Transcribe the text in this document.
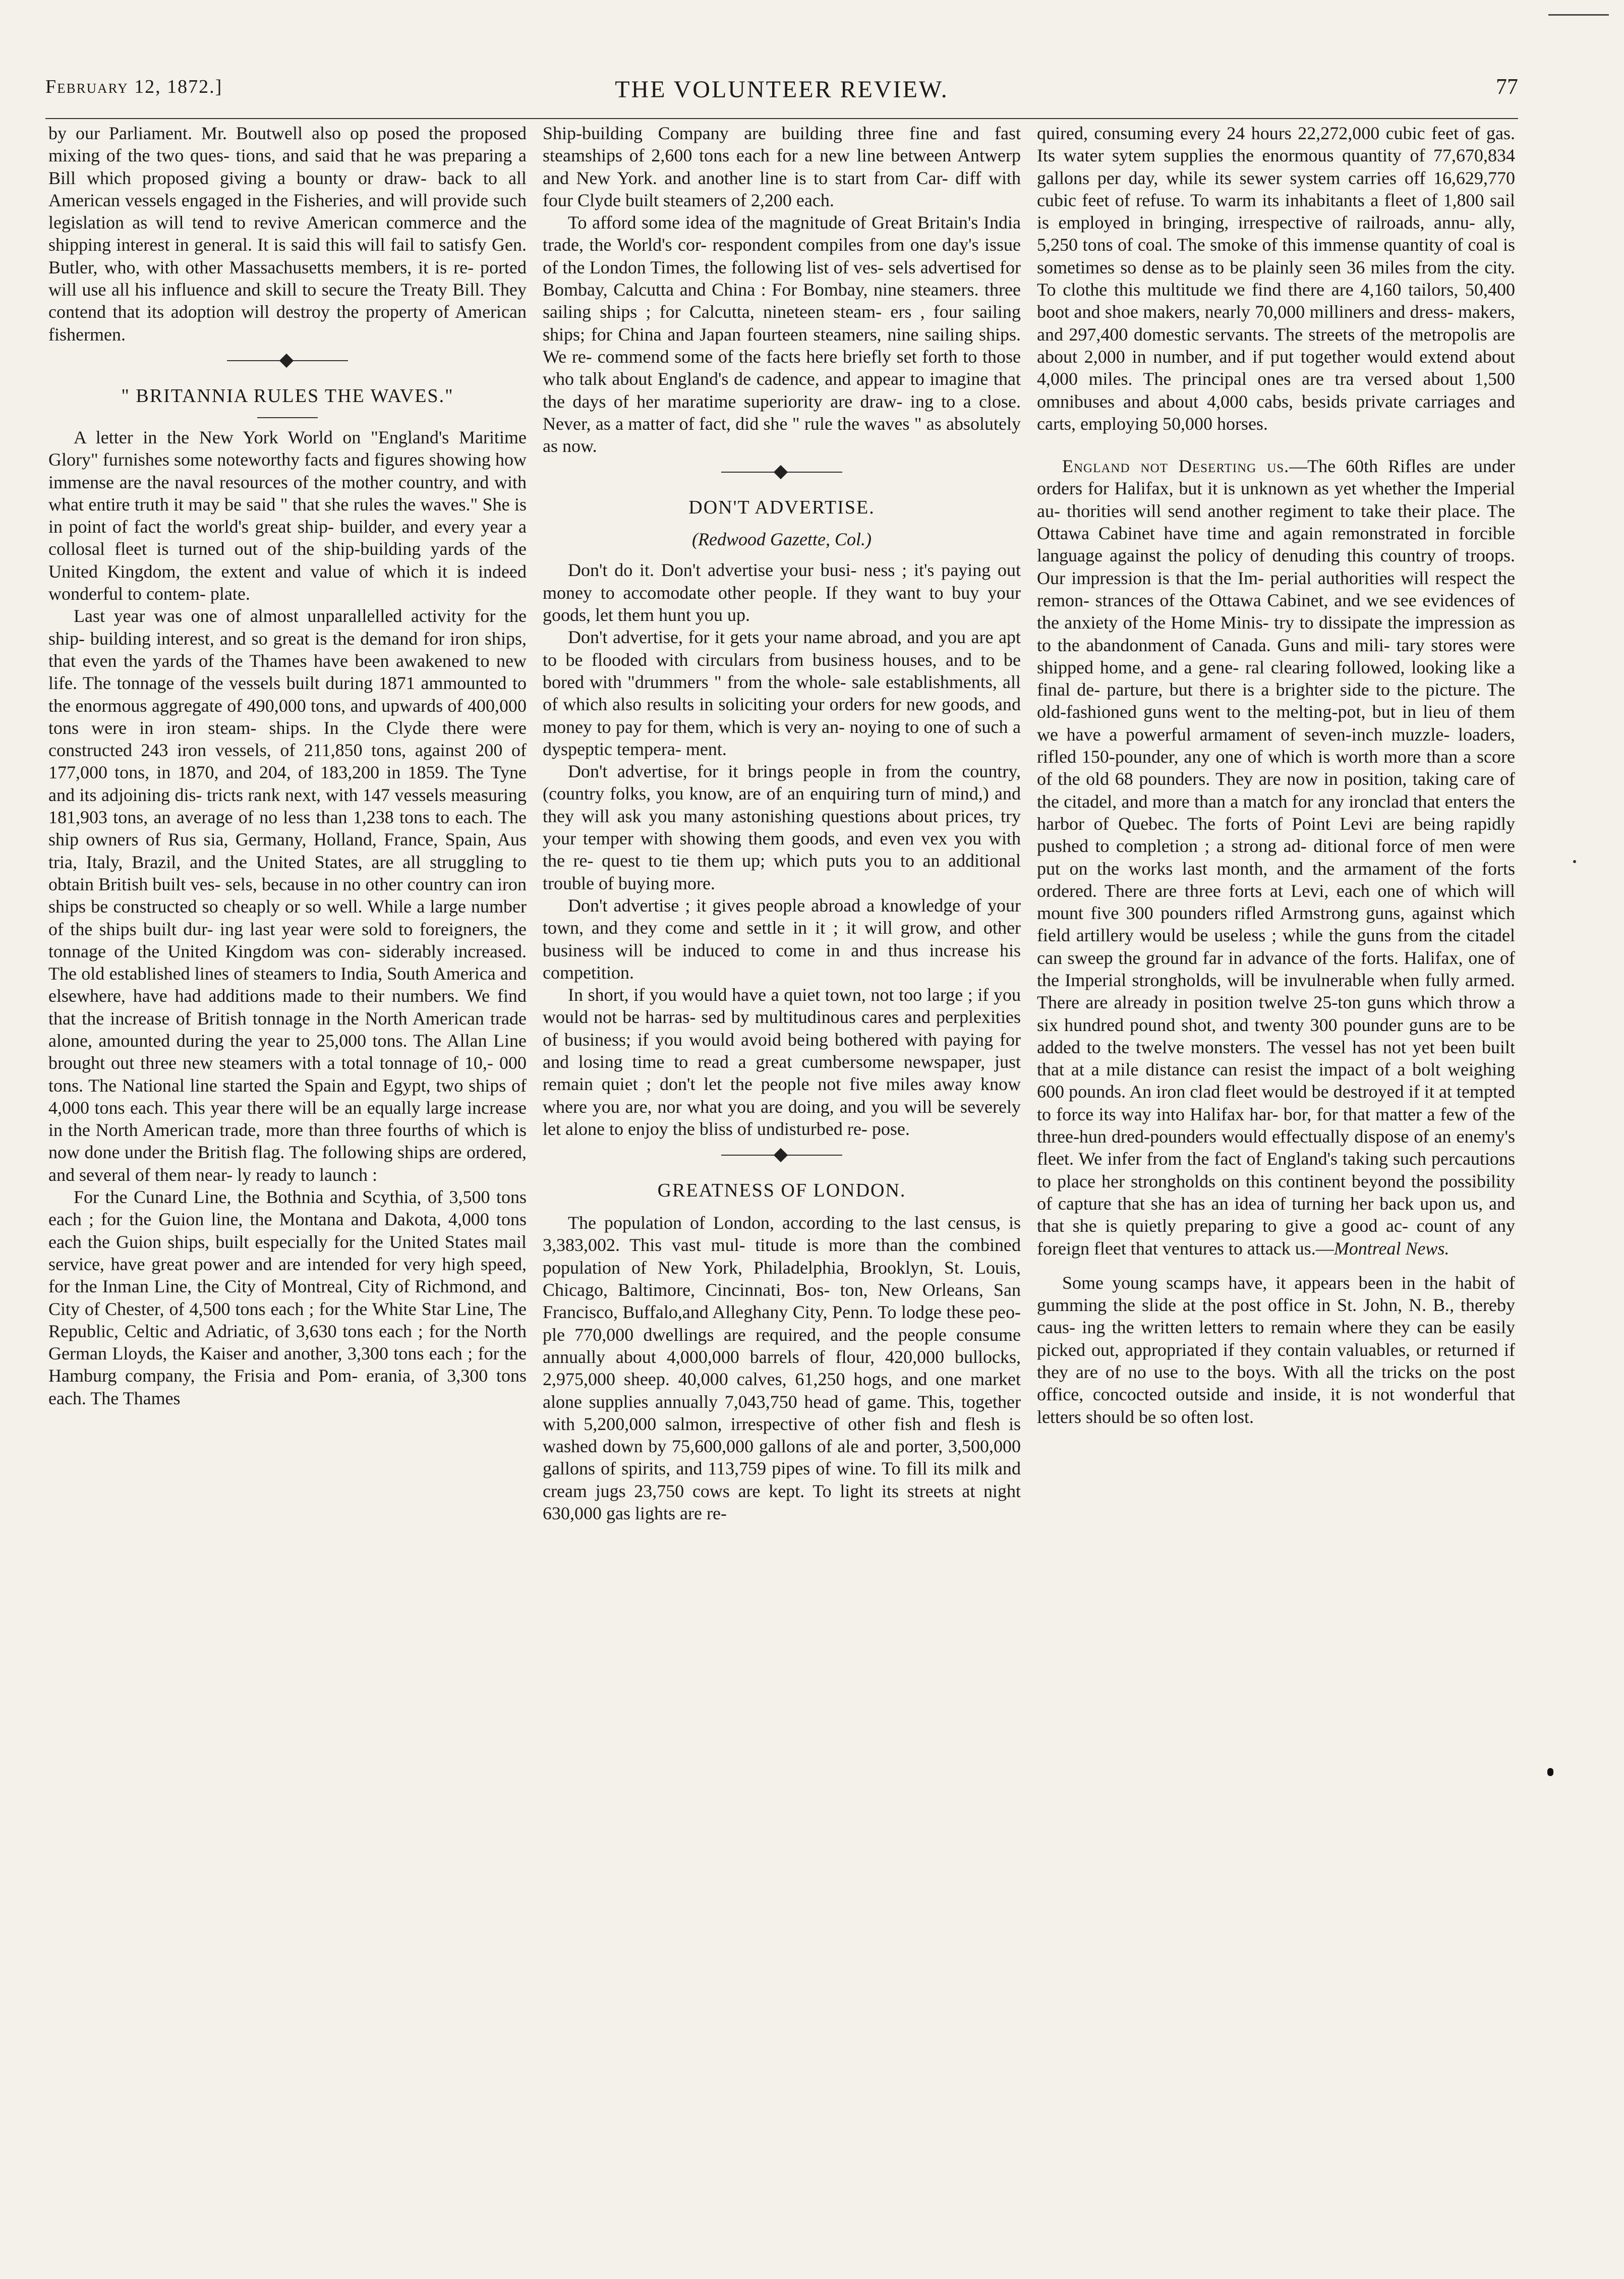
February 12, 1872.]	THE VOLUNTEER REVIEW.	77

by our Parliament. Mr. Boutwell also op posed the proposed mixing of the two ques- tions, and said that he was preparing a Bill which proposed giving a bounty or draw- back to all American vessels engaged in the Fisheries, and will provide such legislation as will tend to revive American commerce and the shipping interest in general. It is said this will fail to satisfy Gen. Butler, who, with other Massachusetts members, it is re- ported will use all his influence and skill to secure the Treaty Bill. They contend that its adoption will destroy the property of American fishermen.

" BRITANNIA RULES THE WAVES."

A letter in the New York World on "England's Maritime Glory" furnishes some noteworthy facts and figures showing how immense are the naval resources of the mother country, and with what entire truth it may be said " that she rules the waves." She is in point of fact the world's great ship- builder, and every year a collosal fleet is turned out of the ship-building yards of the United Kingdom, the extent and value of which it is indeed wonderful to contem- plate.

Last year was one of almost unparallelled activity for the ship- building interest, and so great is the demand for iron ships, that even the yards of the Thames have been awakened to new life. The tonnage of the vessels built during 1871 ammounted to the enormous aggregate of 490,000 tons, and upwards of 400,000 tons were in iron steam- ships. In the Clyde there were constructed 243 iron vessels, of 211,850 tons, against 200 of 177,000 tons, in 1870, and 204, of 183,200 in 1859. The Tyne and its adjoining dis- tricts rank next, with 147 vessels measuring 181,903 tons, an average of no less than 1,238 tons to each. The ship owners of Rus sia, Germany, Holland, France, Spain, Aus tria, Italy, Brazil, and the United States, are all struggling to obtain British built ves- sels, because in no other country can iron ships be constructed so cheaply or so well. While a large number of the ships built dur- ing last year were sold to foreigners, the tonnage of the United Kingdom was con- siderably increased. The old established lines of steamers to India, South America and elsewhere, have had additions made to their numbers. We find that the increase of British tonnage in the North American trade alone, amounted during the year to 25,000 tons. The Allan Line brought out three new steamers with a total tonnage of 10,- 000 tons. The National line started the Spain and Egypt, two ships of 4,000 tons each. This year there will be an equally large increase in the North American trade, more than three fourths of which is now done under the British flag. The following ships are ordered, and several of them near- ly ready to launch :

For the Cunard Line, the Bothnia and Scythia, of 3,500 tons each ; for the Guion line, the Montana and Dakota, 4,000 tons each the Guion ships, built especially for the United States mail service, have great power and are intended for very high speed, for the Inman Line, the City of Montreal, City of Richmond, and City of Chester, of 4,500 tons each ; for the White Star Line, The Republic, Celtic and Adriatic, of 3,630 tons each ; for the North German Lloyds, the Kaiser and another, 3,300 tons each ; for the Hamburg company, the Frisia and Pom- erania, of 3,300 tons each. The Thames

Ship-building Company are building three fine and fast steamships of 2,600 tons each for a new line between Antwerp and New York. and another line is to start from Car- diff with four Clyde built steamers of 2,200 each.

To afford some idea of the magnitude of Great Britain's India trade, the World's cor- respondent compiles from one day's issue of the London Times, the following list of ves- sels advertised for Bombay, Calcutta and China : For Bombay, nine steamers. three sailing ships ; for Calcutta, nineteen steam- ers , four sailing ships; for China and Japan fourteen steamers, nine sailing ships. We re- commend some of the facts here briefly set forth to those who talk about England's de cadence, and appear to imagine that the days of her maratime superiority are draw- ing to a close. Never, as a matter of fact, did she " rule the waves " as absolutely as now.

DON'T ADVERTISE.
(Redwood Gazette, Col.)

Don't do it. Don't advertise your busi- ness ; it's paying out money to accomodate other people. If they want to buy your goods, let them hunt you up.

Don't advertise, for it gets your name abroad, and you are apt to be flooded with circulars from business houses, and to be bored with "drummers " from the whole- sale establishments, all of which also results in soliciting your orders for new goods, and money to pay for them, which is very an- noying to one of such a dyspeptic tempera- ment.

Don't advertise, for it brings people in from the country, (country folks, you know, are of an enquiring turn of mind,) and they will ask you many astonishing questions about prices, try your temper with showing them goods, and even vex you with the re- quest to tie them up; which puts you to an additional trouble of buying more.

Don't advertise ; it gives people abroad a knowledge of your town, and they come and settle in it ; it will grow, and other business will be induced to come in and thus increase his competition.

In short, if you would have a quiet town, not too large ; if you would not be harras- sed by multitudinous cares and perplexities of business; if you would avoid being bothered with paying for and losing time to read a great cumbersome newspaper, just remain quiet ; don't let the people not five miles away know where you are, nor what you are doing, and you will be severely let alone to enjoy the bliss of undisturbed re- pose.

GREATNESS OF LONDON.

The population of London, according to the last census, is 3,383,002. This vast mul- titude is more than the combined population of New York, Philadelphia, Brooklyn, St. Louis, Chicago, Baltimore, Cincinnati, Bos- ton, New Orleans, San Francisco, Buffalo,and Alleghany City, Penn. To lodge these peo- ple 770,000 dwellings are required, and the people consume annually about 4,000,000 barrels of flour, 420,000 bullocks, 2,975,000 sheep. 40,000 calves, 61,250 hogs, and one market alone supplies annually 7,043,750 head of game. This, together with 5,200,000 salmon, irrespective of other fish and flesh is washed down by 75,600,000 gallons of ale and porter, 3,500,000 gallons of spirits, and 113,759 pipes of wine. To fill its milk and cream jugs 23,750 cows are kept. To light its streets at night 630,000 gas lights are re-

quired, consuming every 24 hours 22,272,000 cubic feet of gas. Its water sytem supplies the enormous quantity of 77,670,834 gallons per day, while its sewer system carries off 16,629,770 cubic feet of refuse. To warm its inhabitants a fleet of 1,800 sail is employed in bringing, irrespective of railroads, annu- ally, 5,250 tons of coal. The smoke of this immense quantity of coal is sometimes so dense as to be plainly seen 36 miles from the city. To clothe this multitude we find there are 4,160 tailors, 50,400 boot and shoe makers, nearly 70,000 milliners and dress- makers, and 297,400 domestic servants. The streets of the metropolis are about 2,000 in number, and if put together would extend about 4,000 miles. The principal ones are tra versed about 1,500 omnibuses and about 4,000 cabs, besids private carriages and carts, employing 50,000 horses.

England not Deserting us.—The 60th Rifles are under orders for Halifax, but it is unknown as yet whether the Imperial au- thorities will send another regiment to take their place. The Ottawa Cabinet have time and again remonstrated in forcible language against the policy of denuding this country of troops. Our impression is that the Im- perial authorities will respect the remon- strances of the Ottawa Cabinet, and we see evidences of the anxiety of the Home Minis- try to dissipate the impression as to the abandonment of Canada. Guns and mili- tary stores were shipped home, and a gene- ral clearing followed, looking like a final de- parture, but there is a brighter side to the picture. The old-fashioned guns went to the melting-pot, but in lieu of them we have a powerful armament of seven-inch muzzle- loaders, rifled 150-pounder, any one of which is worth more than a score of the old 68 pounders. They are now in position, taking care of the citadel, and more than a match for any ironclad that enters the harbor of Quebec. The forts of Point Levi are being rapidly pushed to completion ; a strong ad- ditional force of men were put on the works last month, and the armament of the forts ordered. There are three forts at Levi, each one of which will mount five 300 pounders rifled Armstrong guns, against which field artillery would be useless ; while the guns from the citadel can sweep the ground far in advance of the forts. Halifax, one of the Imperial strongholds, will be invulnerable when fully armed. There are already in position twelve 25-ton guns which throw a six hundred pound shot, and twenty 300 pounder guns are to be added to the twelve monsters. The vessel has not yet been built that at a mile distance can resist the impact of a bolt weighing 600 pounds. An iron clad fleet would be destroyed if it at tempted to force its way into Halifax har- bor, for that matter a few of the three-hun dred-pounders would effectually dispose of an enemy's fleet. We infer from the fact of England's taking such percautions to place her strongholds on this continent beyond the possibility of capture that she has an idea of turning her back upon us, and that she is quietly preparing to give a good ac- count of any foreign fleet that ventures to attack us.—Montreal News.

Some young scamps have, it appears been in the habit of gumming the slide at the post office in St. John, N. B., thereby caus- ing the written letters to remain where they can be easily picked out, appropriated if they contain valuables, or returned if they are of no use to the boys. With all the tricks on the post office, concocted outside and inside, it is not wonderful that letters should be so often lost.
